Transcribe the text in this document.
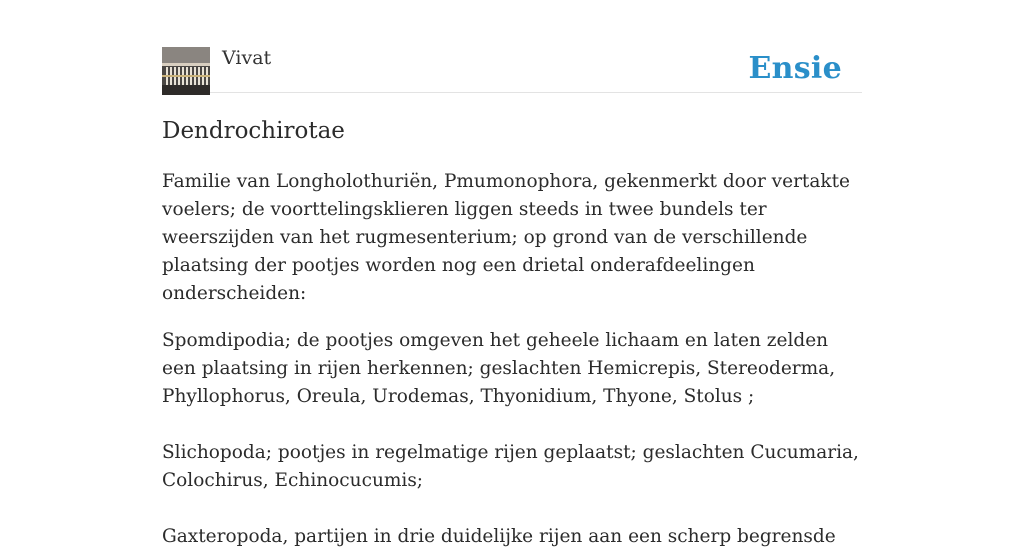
Vivat	Ensie
Dendrochirotae

Familie van Longholothuriën, Pmumonophora, gekenmerkt door vertakte voelers; de voorttelingsklieren liggen steeds in twee bundels ter weerszijden van het rugmesenterium; op grond van de verschillende plaatsing der pootjes worden nog een drietal onderafdeelingen onderscheiden:

Spomdipodia; de pootjes omgeven het geheele lichaam en laten zelden een plaatsing in rijen herkennen; geslachten Hemicrepis, Stereoderma, Phyllophorus, Oreula, Urodemas, Thyonidium, Thyone, Stolus ;

Slichopoda; pootjes in regelmatige rijen geplaatst; geslachten Cucumaria, Colochirus, Echinocucumis;

Gaxteropoda, partijen in drie duidelijke rijen aan een scherp begrensde
